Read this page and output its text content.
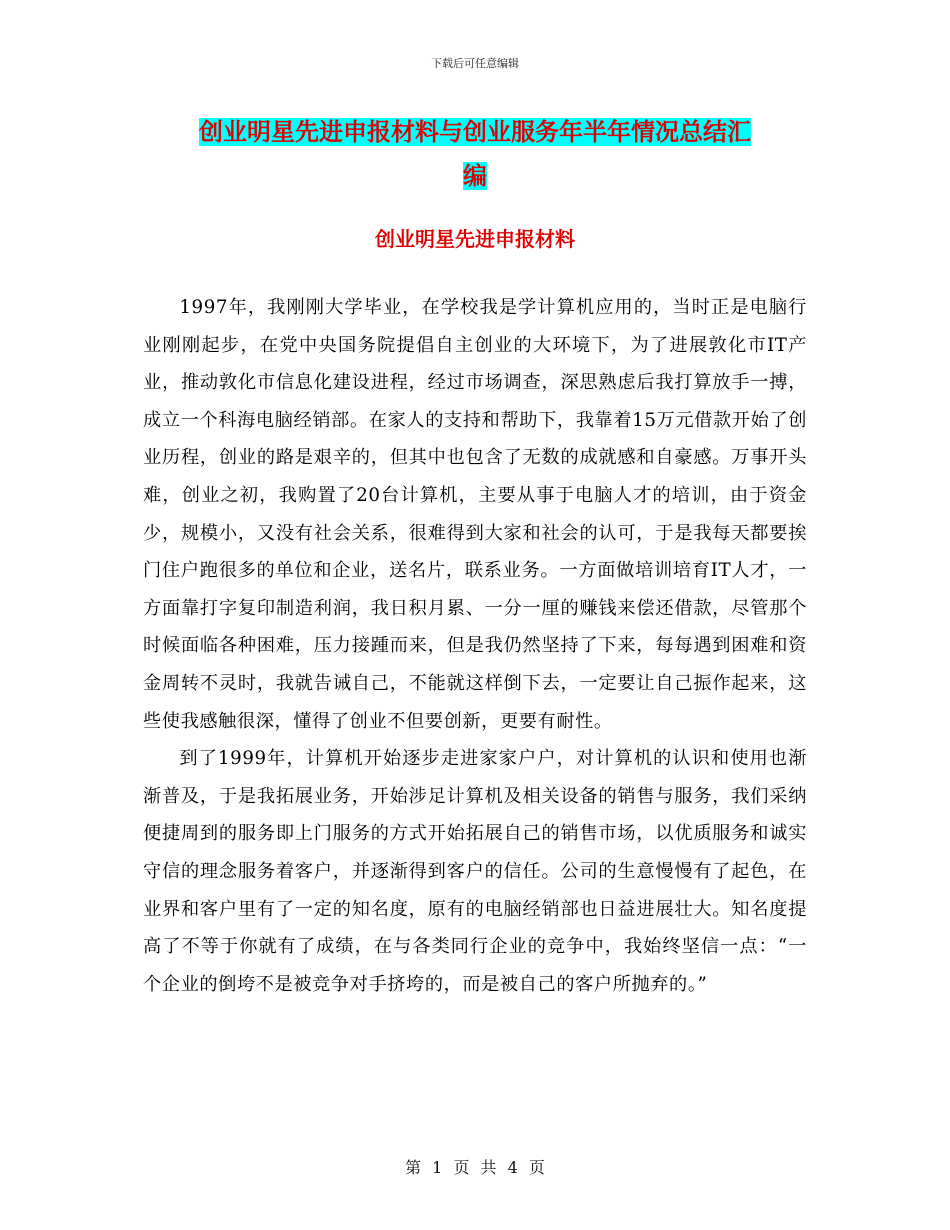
下载后可任意编辑
创业明星先进申报材料与创业服务年半年情况总结汇
编
创业明星先进申报材料

1997年，我刚刚大学毕业，在学校我是学计算机应用的，当时正是电脑行业刚刚起步，在党中央国务院提倡自主创业的大环境下，为了进展敦化市IT产业，推动敦化市信息化建设进程，经过市场调查，深思熟虑后我打算放手一搏，成立一个科海电脑经销部。在家人的支持和帮助下，我靠着15万元借款开始了创业历程，创业的路是艰辛的，但其中也包含了无数的成就感和自豪感。万事开头难，创业之初，我购置了20台计算机，主要从事于电脑人才的培训，由于资金少，规模小，又没有社会关系，很难得到大家和社会的认可，于是我每天都要挨门住户跑很多的单位和企业，送名片，联系业务。一方面做培训培育IT人才，一方面靠打字复印制造利润，我日积月累、一分一厘的赚钱来偿还借款，尽管那个时候面临各种困难，压力接踵而来，但是我仍然坚持了下来，每每遇到困难和资金周转不灵时，我就告诫自己，不能就这样倒下去，一定要让自己振作起来，这些使我感触很深，懂得了创业不但要创新，更要有耐性。

到了1999年，计算机开始逐步走进家家户户，对计算机的认识和使用也渐渐普及，于是我拓展业务，开始涉足计算机及相关设备的销售与服务，我们采纳便捷周到的服务即上门服务的方式开始拓展自己的销售市场，以优质服务和诚实守信的理念服务着客户，并逐渐得到客户的信任。公司的生意慢慢有了起色，在业界和客户里有了一定的知名度，原有的电脑经销部也日益进展壮大。知名度提高了不等于你就有了成绩，在与各类同行企业的竞争中，我始终坚信一点：“一个企业的倒垮不是被竞争对手挤垮的，而是被自己的客户所抛弃的。”

第 1 页 共 4 页
